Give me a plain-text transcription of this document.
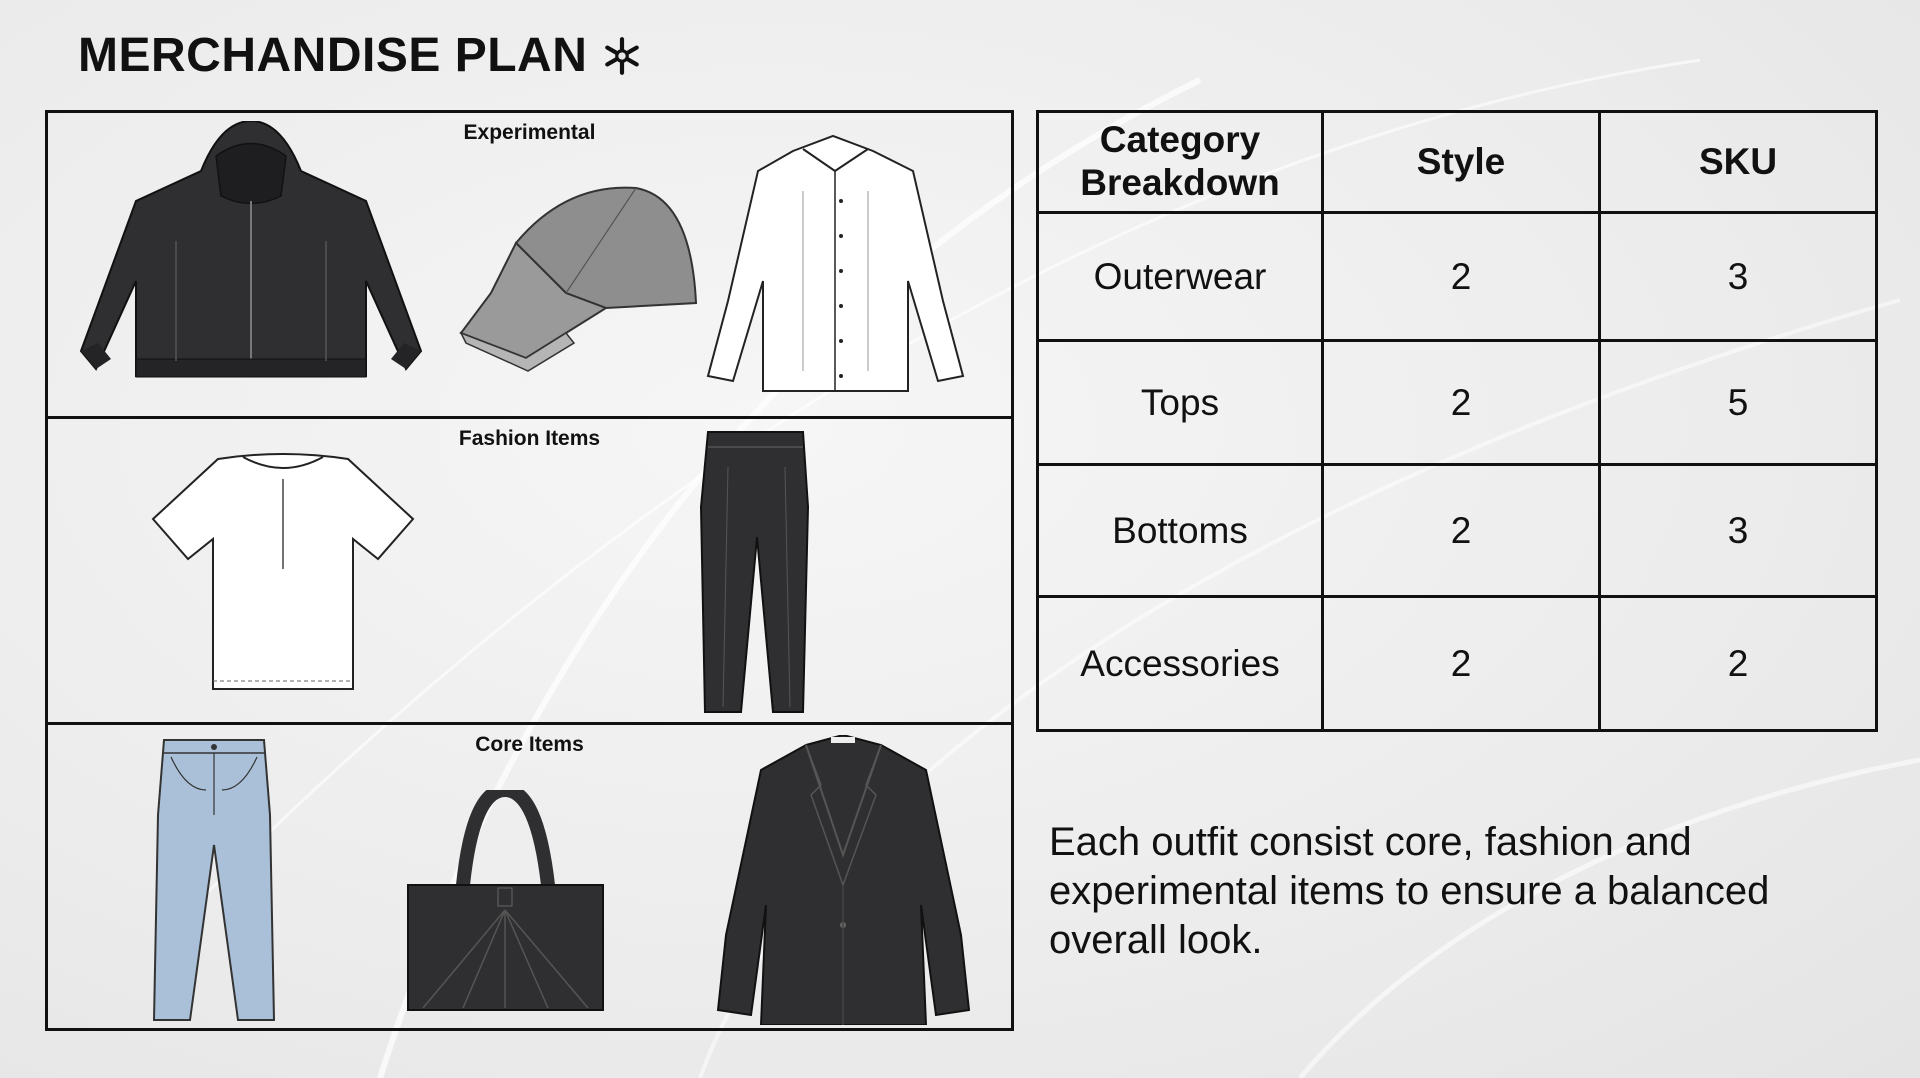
MERCHANDISE PLAN
Experimental
Fashion Items
Core Items
Category Breakdown	Style	SKU
Outerwear	2	3
Tops	2	5
Bottoms	2	3
Accessories	2	2
Each outfit consist core, fashion and experimental items to ensure a balanced overall look.
